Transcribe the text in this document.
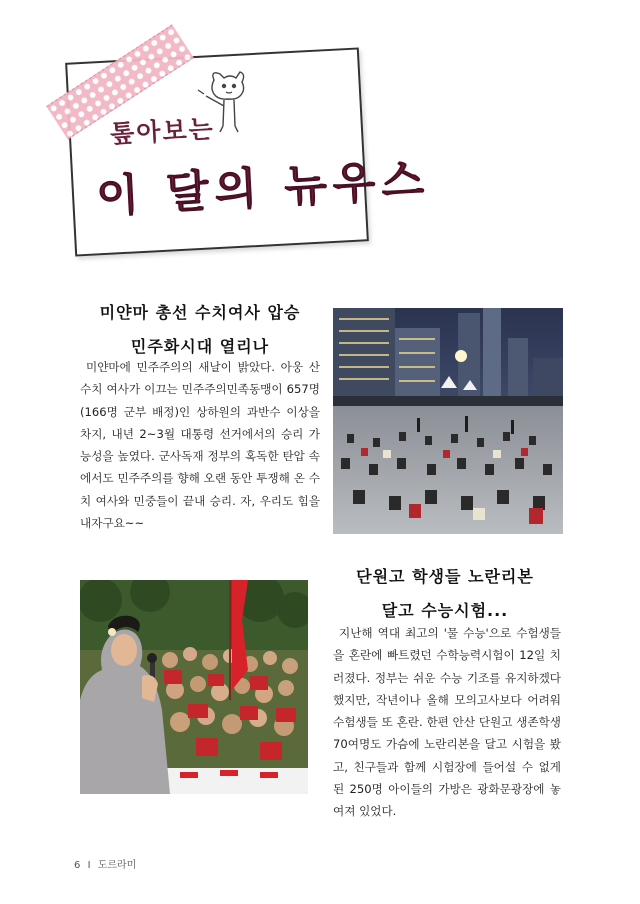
톺아보는
이 달의 뉴우스
미얀마 총선 수치여사 압승
민주화시대 열리나
미얀마에 민주주의의 새날이 밝았다. 아웅 산 수치 여사가 이끄는 민주주의민족동맹이 657명(166명 군부 배정)인 상하원의 과반수 이상을 차지, 내년 2~3월 대통령 선거에서의 승리 가능성을 높였다. 군사독재 정부의 혹독한 탄압 속에서도 민주주의를 향해 오랜 동안 투쟁해 온 수치 여사와 민중들이 끝내 승리. 자, 우리도 힘을 내자구요~~
단원고 학생들 노란리본
달고 수능시험...
지난해 역대 최고의 '물 수능'으로 수험생들을 혼란에 빠트렸던 수학능력시험이 12일 치러졌다. 정부는 쉬운 수능 기조를 유지하겠다 했지만, 작년이나 올해 모의고사보다 어려워 수험생들 또 혼란. 한편 안산 단원고 생존학생 70여명도 가슴에 노란리본을 달고 시험을 봤고, 친구들과 함께 시험장에 들어설 수 없게 된 250명 아이들의 가방은 광화문광장에 놓여져 있었다.
6 I 도르라미
